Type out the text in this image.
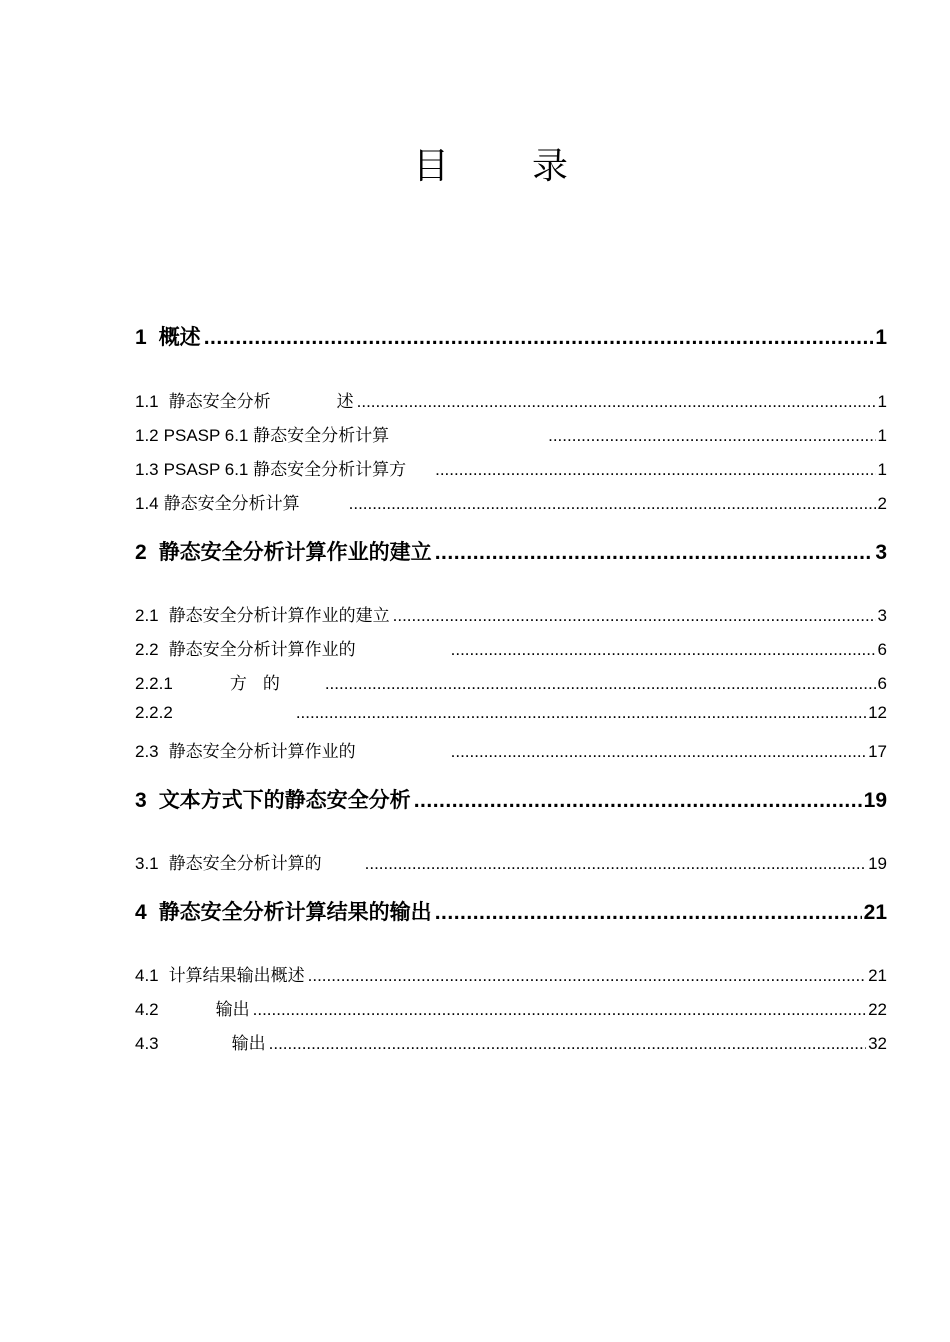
目 录
1 概述 .....	1
1.1 静态安全分析	述 .....	1
1.2 PSASP 6.1 静态安全分析计算 .....	1
1.3 PSASP 6.1 静态安全分析计算方 .....	1
1.4 静态安全分析计算 .....	2
2 静态安全分析计算作业的建立 .....	3
2.1 静态安全分析计算作业的建立 .....	3
2.2 静态安全分析计算作业的 .....	6
2.2.1	方 的 .....	6
2.2.2 .....	12
2.3 静态安全分析计算作业的 .....	17
3 文本方式下的静态安全分析 .....	19
3.1 静态安全分析计算的 .....	19
4 静态安全分析计算结果的输出 .....	21
4.1 计算结果输出概述 .....	21
4.2	输出 .....	22
4.3	输出 .....	32
